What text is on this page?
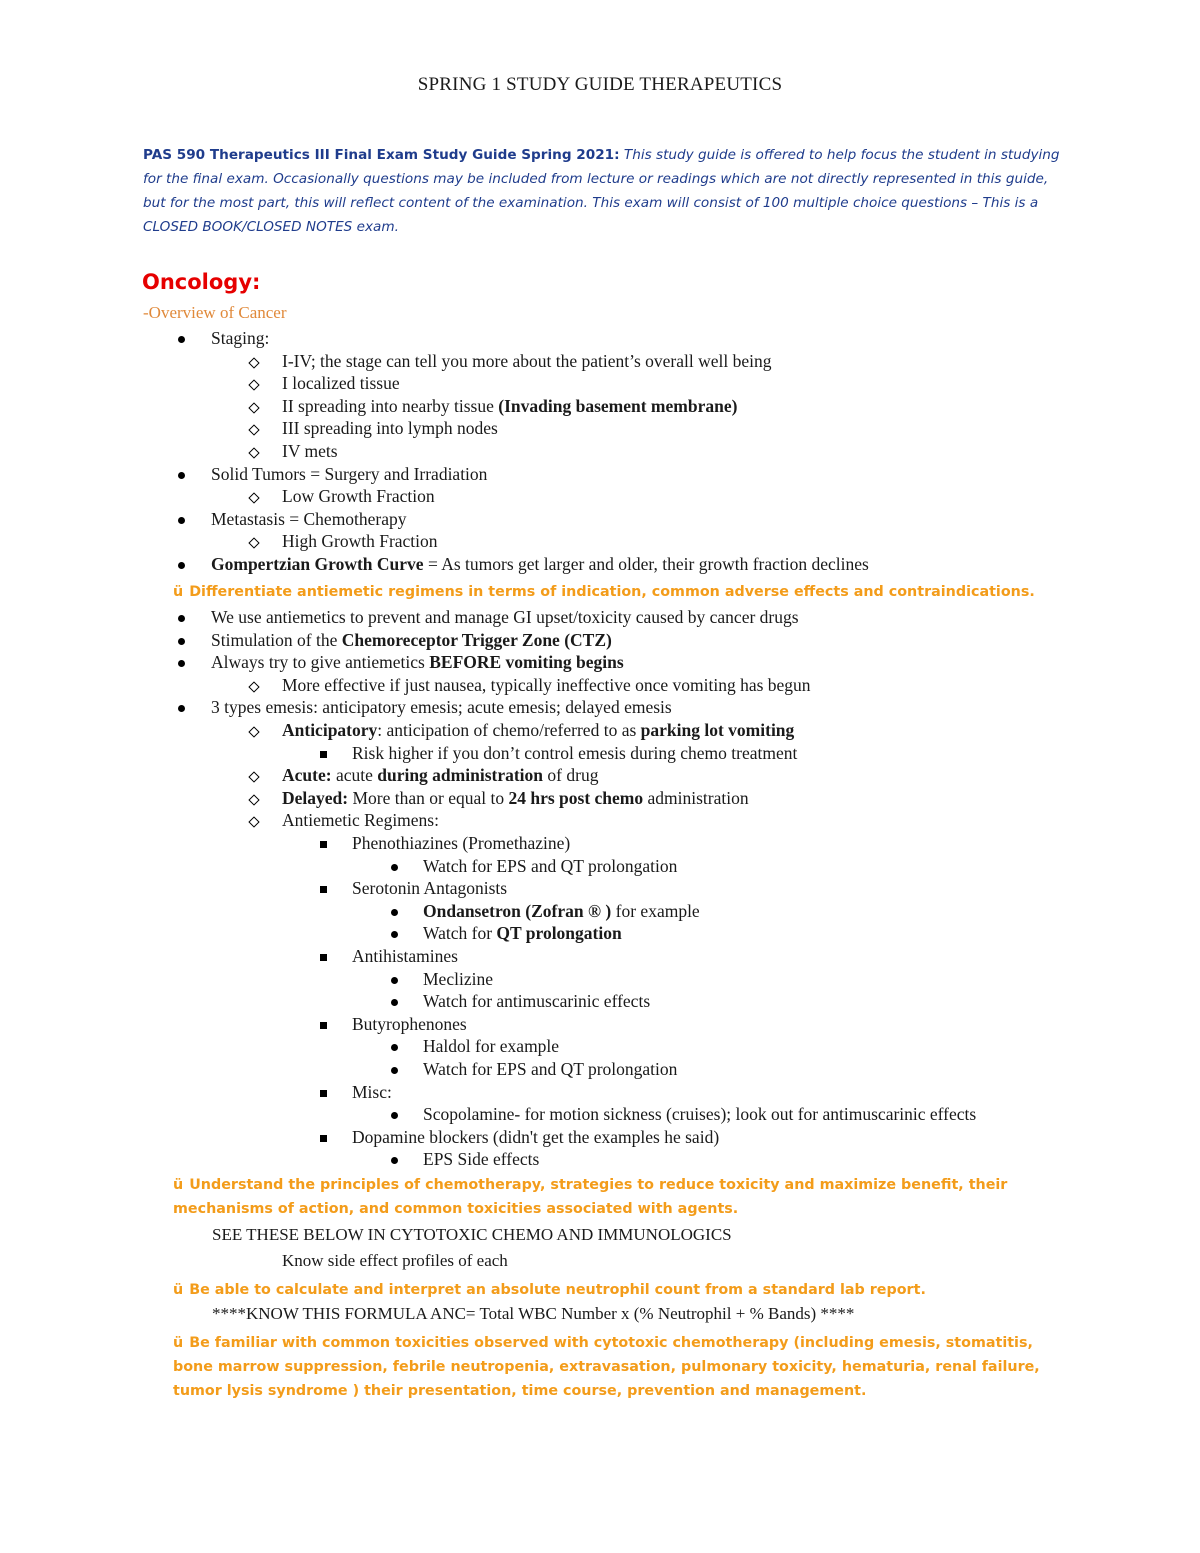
SPRING 1 STUDY GUIDE THERAPEUTICS
PAS 590 Therapeutics III Final Exam Study Guide Spring 2021: This study guide is offered to help focus the student in studying for the final exam. Occasionally questions may be included from lecture or readings which are not directly represented in this guide, but for the most part, this will reflect content of the examination. This exam will consist of 100 multiple choice questions – This is a CLOSED BOOK/CLOSED NOTES exam.
Oncology:
-Overview of Cancer
Staging:
I-IV; the stage can tell you more about the patient’s overall well being
I localized tissue
II spreading into nearby tissue (Invading basement membrane)
III spreading into lymph nodes
IV mets
Solid Tumors = Surgery and Irradiation
Low Growth Fraction
Metastasis = Chemotherapy
High Growth Fraction
Gompertzian Growth Curve = As tumors get larger and older, their growth fraction declines
ü Differentiate antiemetic regimens in terms of indication, common adverse effects and contraindications.
We use antiemetics to prevent and manage GI upset/toxicity caused by cancer drugs
Stimulation of the Chemoreceptor Trigger Zone (CTZ)
Always try to give antiemetics BEFORE vomiting begins
More effective if just nausea, typically ineffective once vomiting has begun
3 types emesis: anticipatory emesis; acute emesis; delayed emesis
Anticipatory: anticipation of chemo/referred to as parking lot vomiting
Risk higher if you don’t control emesis during chemo treatment
Acute: acute during administration of drug
Delayed: More than or equal to 24 hrs post chemo administration
Antiemetic Regimens:
Phenothiazines (Promethazine)
Watch for EPS and QT prolongation
Serotonin Antagonists
Ondansetron (Zofran ® ) for example
Watch for QT prolongation
Antihistamines
Meclizine
Watch for antimuscarinic effects
Butyrophenones
Haldol for example
Watch for EPS and QT prolongation
Misc:
Scopolamine- for motion sickness (cruises); look out for antimuscarinic effects
Dopamine blockers (didn't get the examples he said)
EPS Side effects
ü Understand the principles of chemotherapy, strategies to reduce toxicity and maximize benefit, their mechanisms of action, and common toxicities associated with agents.
SEE THESE BELOW IN CYTOTOXIC CHEMO AND IMMUNOLOGICS
Know side effect profiles of each
ü Be able to calculate and interpret an absolute neutrophil count from a standard lab report.
****KNOW THIS FORMULA ANC= Total WBC Number x (% Neutrophil + % Bands) ****
ü Be familiar with common toxicities observed with cytotoxic chemotherapy (including emesis, stomatitis, bone marrow suppression, febrile neutropenia, extravasation, pulmonary toxicity, hematuria, renal failure, tumor lysis syndrome ) their presentation, time course, prevention and management.
